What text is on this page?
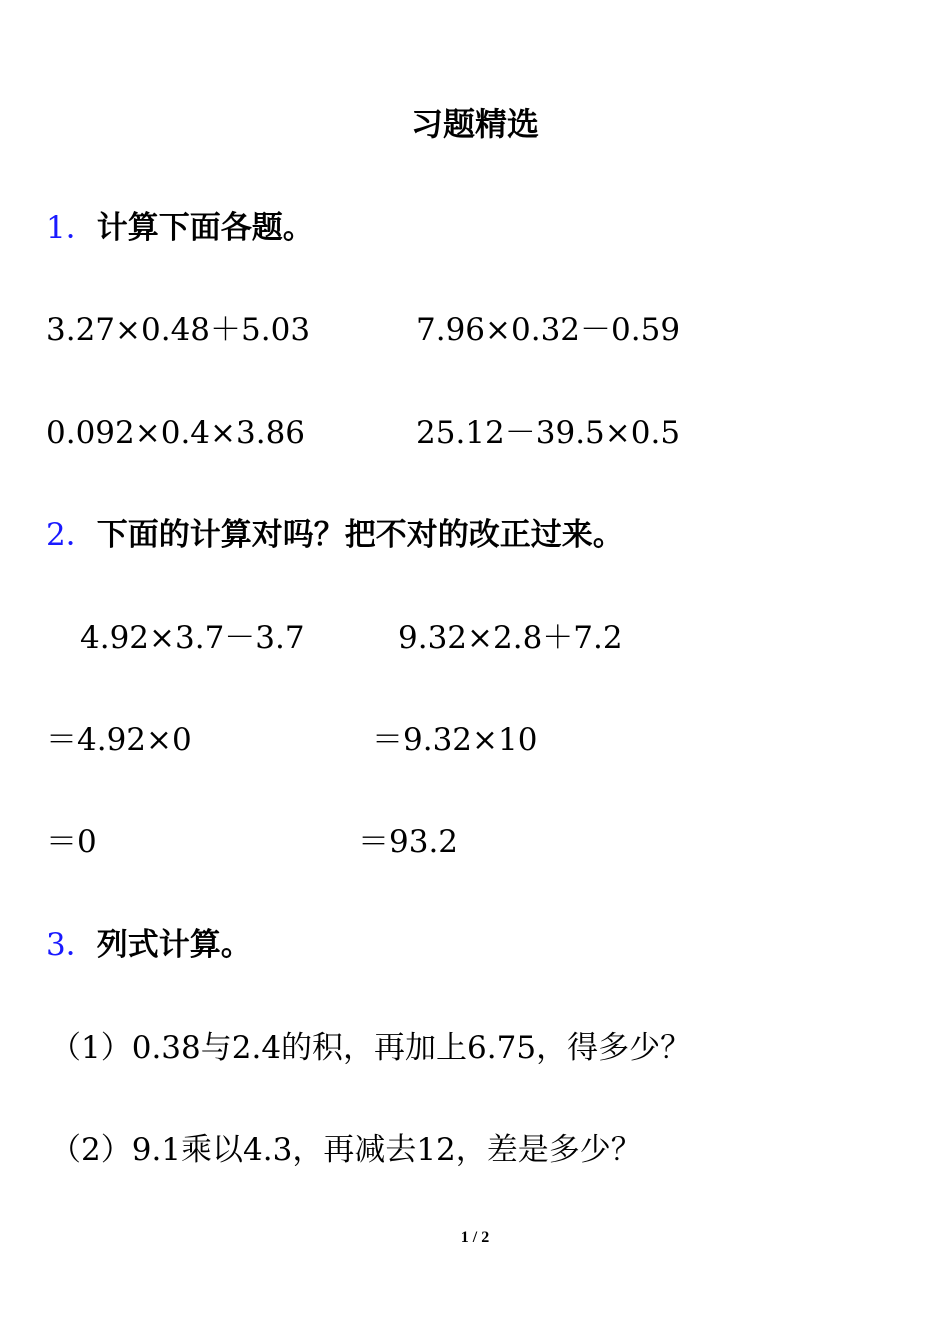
习题精选
1．计算下面各题。
3.27×0.48＋5.03	7.96×0.32－0.59
0.092×0.4×3.86	25.12－39.5×0.5
2．下面的计算对吗？把不对的改正过来。
4.92×3.7－3.7	9.32×2.8＋7.2
＝4.92×0	＝9.32×10
＝0	＝93.2
3．列式计算。
（1）0.38与2.4的积，再加上6.75，得多少？
（2）9.1乘以4.3，再减去12，差是多少？
1 / 2
